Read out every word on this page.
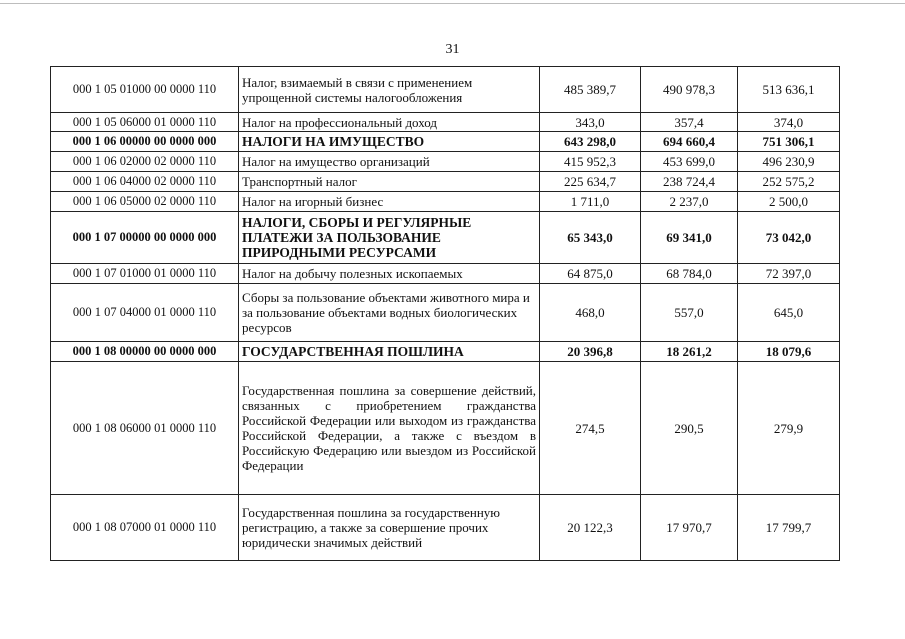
31
000 1 05 01000 00 0000 110	Налог, взимаемый в связи с применением упрощенной системы налогообложения	485 389,7	490 978,3	513 636,1
000 1 05 06000 01 0000 110	Налог на профессиональный доход	343,0	357,4	374,0
000 1 06 00000 00 0000 000	НАЛОГИ НА ИМУЩЕСТВО	643 298,0	694 660,4	751 306,1
000 1 06 02000 02 0000 110	Налог на имущество организаций	415 952,3	453 699,0	496 230,9
000 1 06 04000 02 0000 110	Транспортный налог	225 634,7	238 724,4	252 575,2
000 1 06 05000 02 0000 110	Налог на игорный бизнес	1 711,0	2 237,0	2 500,0
000 1 07 00000 00 0000 000	НАЛОГИ, СБОРЫ И РЕГУЛЯРНЫЕ ПЛАТЕЖИ ЗА ПОЛЬЗОВАНИЕ ПРИРОДНЫМИ РЕСУРСАМИ	65 343,0	69 341,0	73 042,0
000 1 07 01000 01 0000 110	Налог на добычу полезных ископаемых	64 875,0	68 784,0	72 397,0
000 1 07 04000 01 0000 110	Сборы за пользование объектами животного мира и за пользование объектами водных биологических ресурсов	468,0	557,0	645,0
000 1 08 00000 00 0000 000	ГОСУДАРСТВЕННАЯ ПОШЛИНА	20 396,8	18 261,2	18 079,6
000 1 08 06000 01 0000 110	Государственная пошлина за совершение действий, связанных с приобретением гражданства Российской Федерации или выходом из гражданства Российской Федерации, а также с въездом в Российскую Федерацию или выездом из Российской Федерации	274,5	290,5	279,9
000 1 08 07000 01 0000 110	Государственная пошлина за государственную регистрацию, а также за совершение прочих юридически значимых действий	20 122,3	17 970,7	17 799,7
